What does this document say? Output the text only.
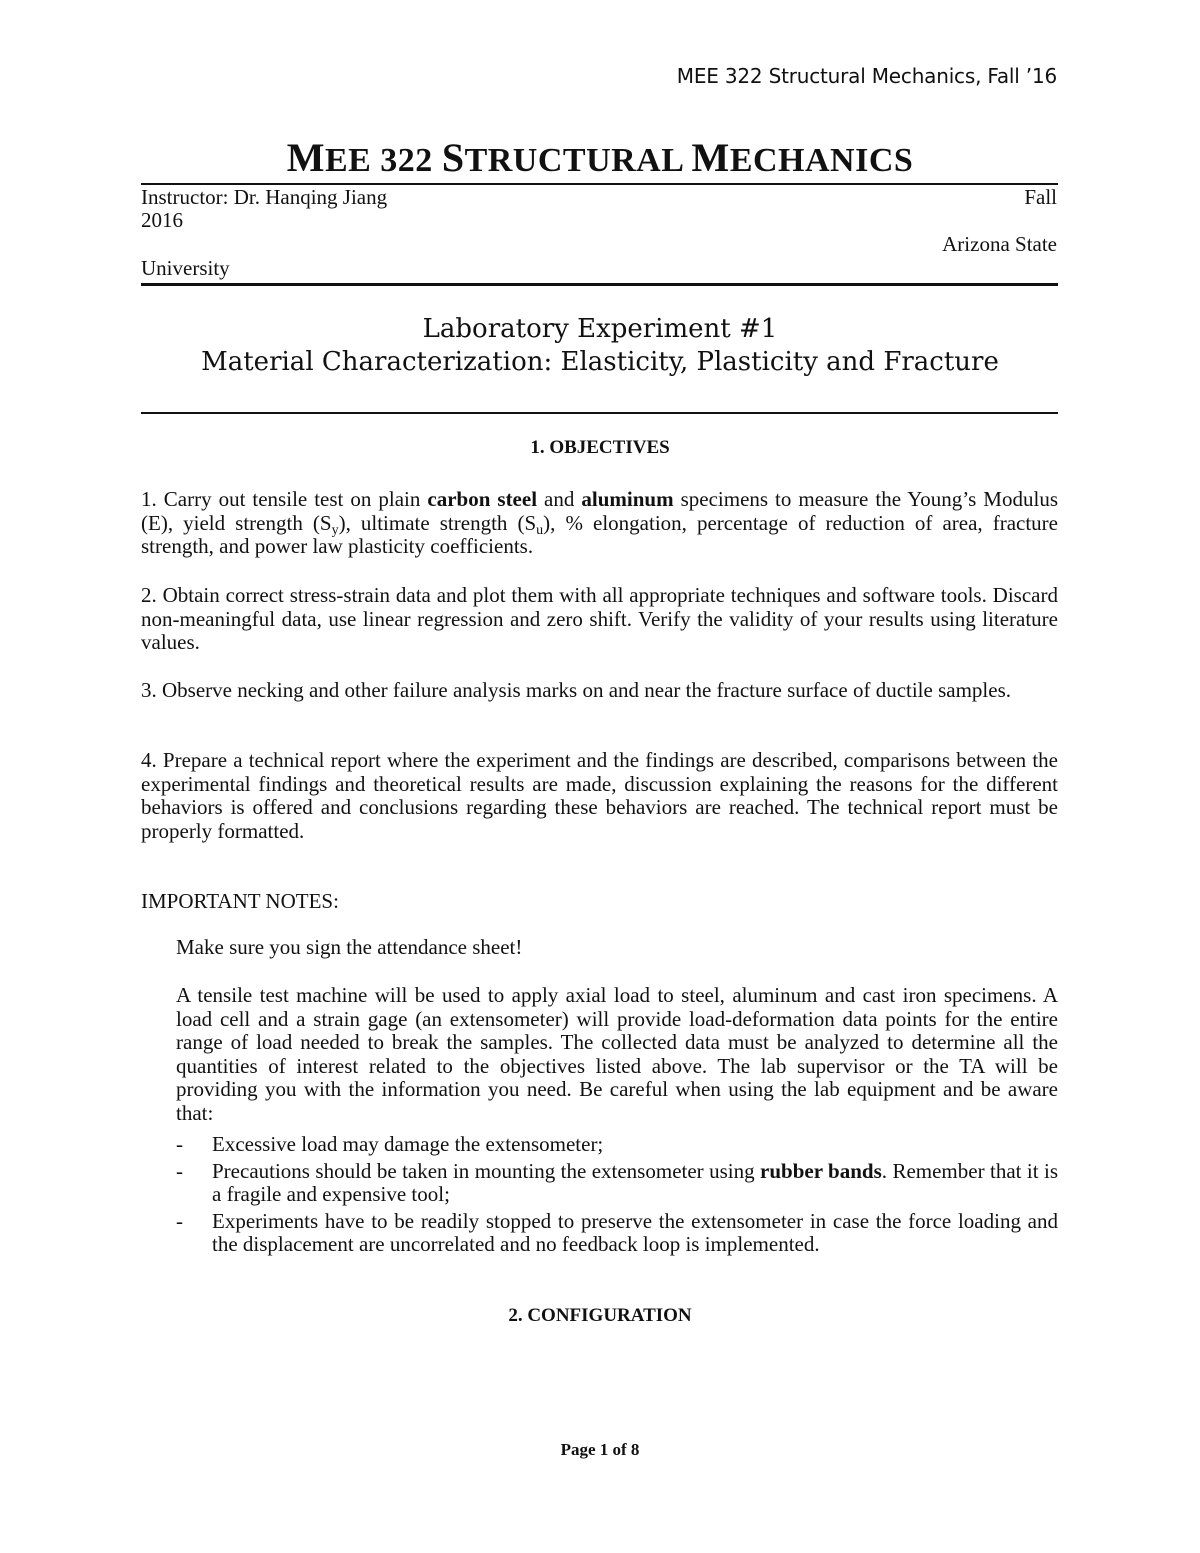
MEE 322 Structural Mechanics, Fall ’16
MEE 322 STRUCTURAL MECHANICS
Instructor: Dr. Hanqing Jiang	Fall
2016
Arizona State
University
Laboratory Experiment #1
Material Characterization: Elasticity, Plasticity and Fracture
1. OBJECTIVES

1. Carry out tensile test on plain carbon steel and aluminum specimens to measure the Young’s Modulus (E), yield strength $(S_y)$, ultimate strength $(S_u)$, % elongation, percentage of reduction of area, fracture strength, and power law plasticity coefficients.

2. Obtain correct stress-strain data and plot them with all appropriate techniques and software tools. Discard non-meaningful data, use linear regression and zero shift. Verify the validity of your results using literature values.

3. Observe necking and other failure analysis marks on and near the fracture surface of ductile samples.

4. Prepare a technical report where the experiment and the findings are described, comparisons between the experimental findings and theoretical results are made, discussion explaining the reasons for the different behaviors is offered and conclusions regarding these behaviors are reached. The technical report must be properly formatted.

IMPORTANT NOTES:

Make sure you sign the attendance sheet!

A tensile test machine will be used to apply axial load to steel, aluminum and cast iron specimens. A load cell and a strain gage (an extensometer) will provide load-deformation data points for the entire range of load needed to break the samples. The collected data must be analyzed to determine all the quantities of interest related to the objectives listed above. The lab supervisor or the TA will be providing you with the information you need. Be careful when using the lab equipment and be aware that:

- Excessive load may damage the extensometer;
- Precautions should be taken in mounting the extensometer using rubber bands. Remember that it is a fragile and expensive tool;
- Experiments have to be readily stopped to preserve the extensometer in case the force loading and the displacement are uncorrelated and no feedback loop is implemented.
2. CONFIGURATION
Page 1 of 8
